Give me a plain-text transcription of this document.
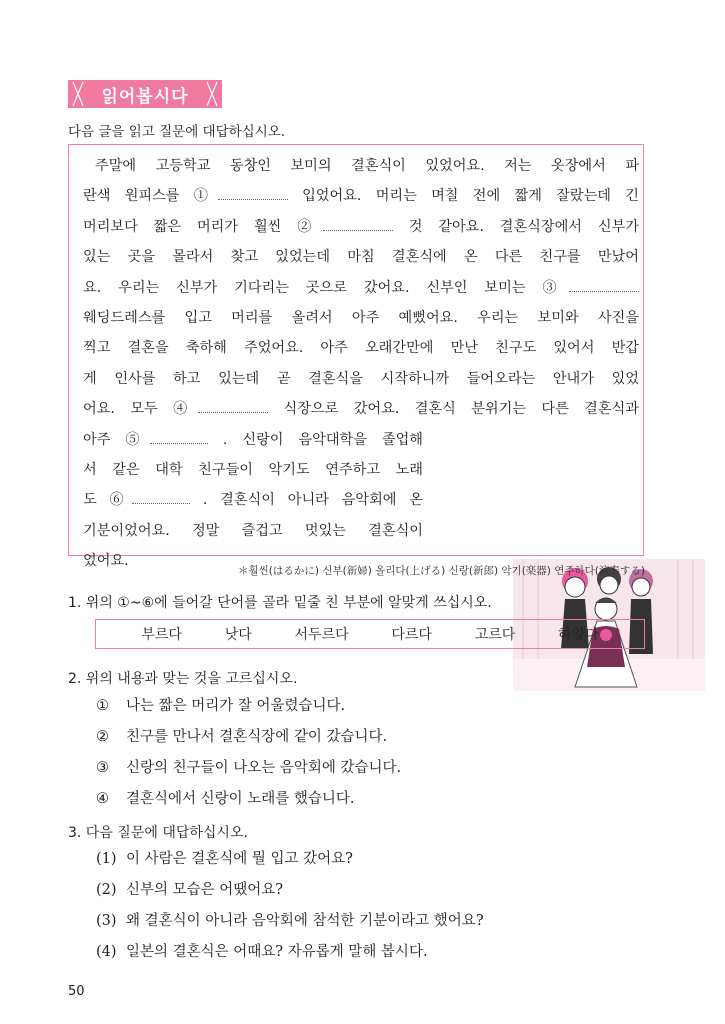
읽어봅시다
다음 글을 읽고 질문에 대답하십시오.
주말에 고등학교 동창인 보미의 결혼식이 있었어요. 저는 옷장에서 파
란색 원피스를 ①	입었어요. 머리는 며칠 전에 짧게 잘랐는데 긴
머리보다 짧은 머리가 훨씬 ②	것 같아요. 결혼식장에서 신부가
있는 곳을 몰라서 찾고 있었는데 마침 결혼식에 온 다른 친구를 만났어
요. 우리는 신부가 기다리는 곳으로 갔어요. 신부인 보미는 ③
웨딩드레스를 입고 머리를 올려서 아주 예뻤어요. 우리는 보미와 사진을
찍고 결혼을 축하해 주었어요. 아주 오래간만에 만난 친구도 있어서 반갑
게 인사를 하고 있는데 곧 결혼식을 시작하니까 들어오라는 안내가 있었
어요. 모두 ④	식장으로 갔어요. 결혼식 분위기는 다른 결혼식과
아주 ⑤	. 신랑이 음악대학을 졸업해
서 같은 대학 친구들이 악기도 연주하고 노래
도 ⑥	. 결혼식이 아니라 음악회에 온
기분이었어요. 정말 즐겁고 멋있는 결혼식이
었어요.
＊훨씬(はるかに) 신부(新婦) 올리다(上げる) 신랑(新郎) 악기(楽器) 연주하다(演奏する)
1. 위의 ①~⑥에 들어갈 단어를 골라 밑줄 친 부분에 알맞게 쓰십시오.
부르다	낫다	서두르다	다르다	고르다	하얗다
2. 위의 내용과 맞는 것을 고르십시오.
① 나는 짧은 머리가 잘 어울렸습니다.
② 친구를 만나서 결혼식장에 같이 갔습니다.
③ 신랑의 친구들이 나오는 음악회에 갔습니다.
④ 결혼식에서 신랑이 노래를 했습니다.
3. 다음 질문에 대답하십시오.
(1) 이 사람은 결혼식에 뭘 입고 갔어요?
(2) 신부의 모습은 어땠어요?
(3) 왜 결혼식이 아니라 음악회에 참석한 기분이라고 했어요?
(4) 일본의 결혼식은 어때요? 자유롭게 말해 봅시다.
50
